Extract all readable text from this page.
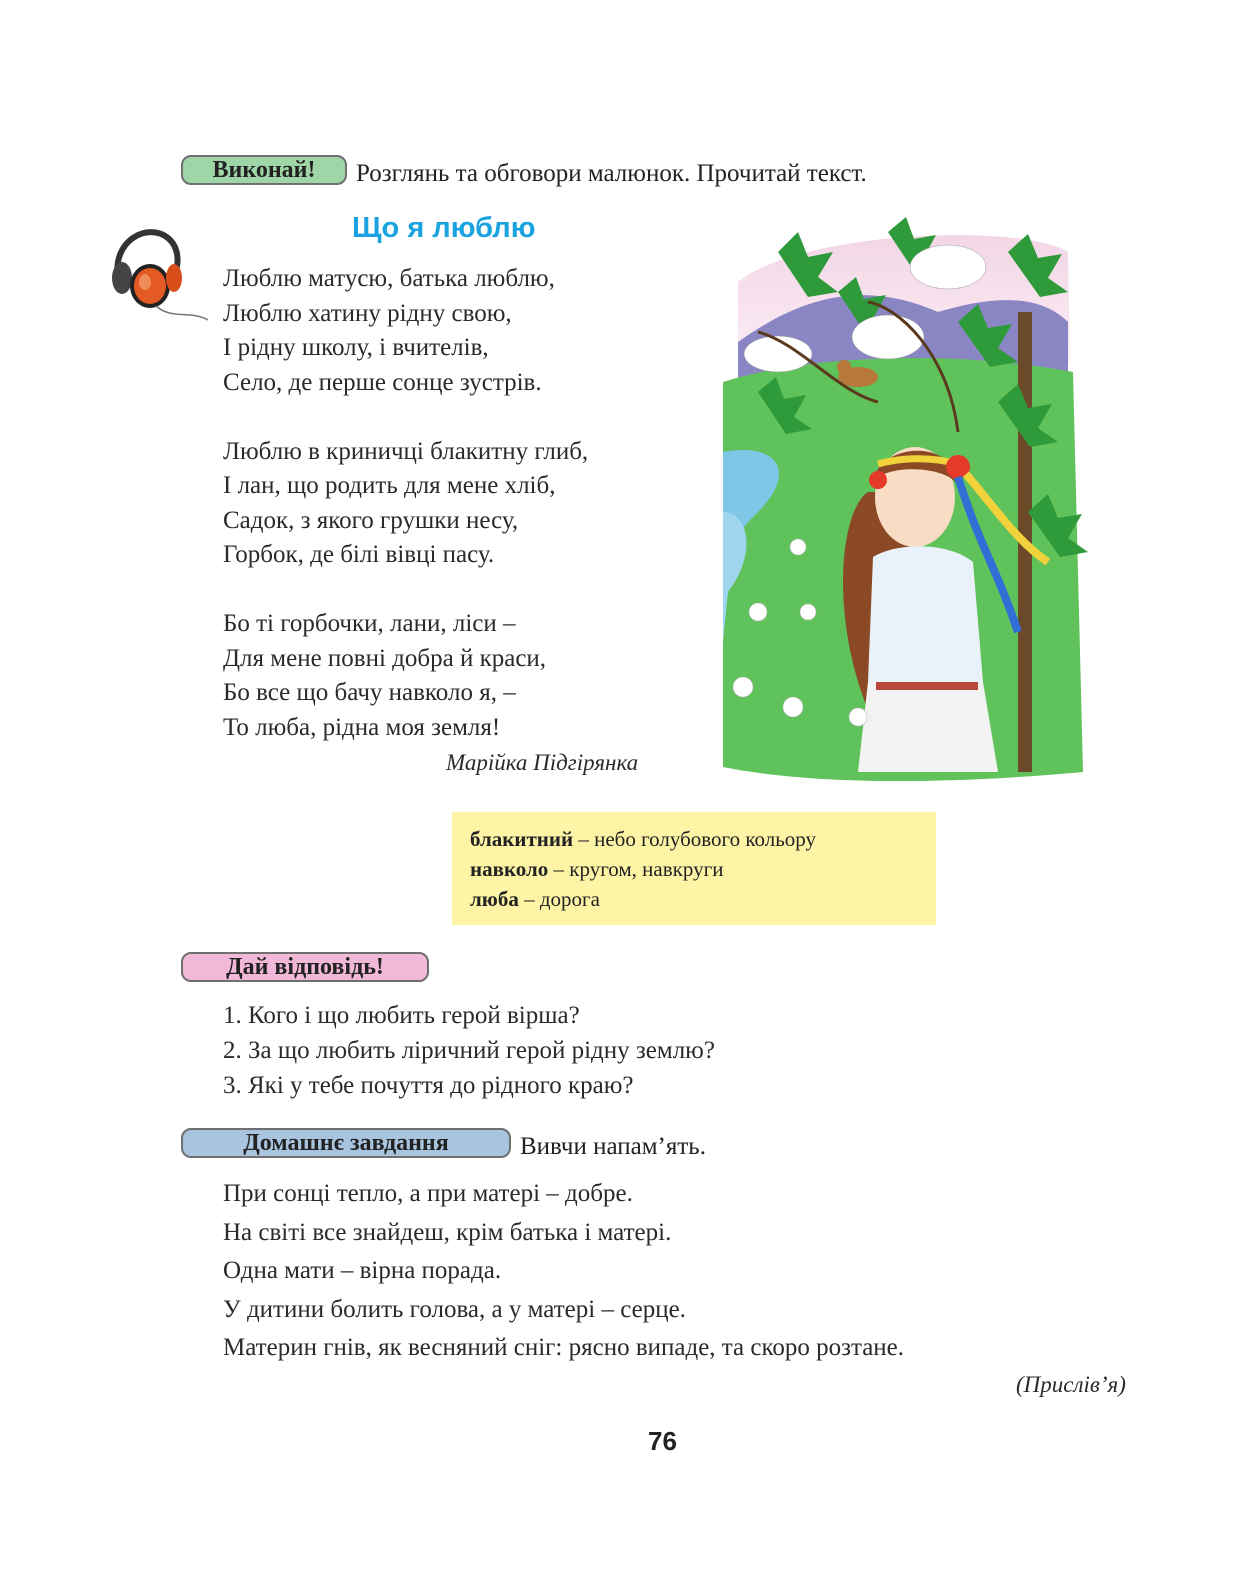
Виконай! Розглянь та обговори малюнок. Прочитай текст.
Що я люблю
Люблю матусю, батька люблю,
Люблю хатину рідну свою,
І рідну школу, і вчителів,
Село, де перше сонце зустрів.
Люблю в криничці блакитну глиб,
І лан, що родить для мене хліб,
Садок, з якого грушки несу,
Горбок, де білі вівці пасу.
Бо ті горбочки, лани, ліси –
Для мене повні добра й краси,
Бо все що бачу навколо я, –
То люба, рідна моя земля!
Марійка Підгірянка
блакитний – небо голубового кольору
навколо – кругом, навкруги
люба – дорога
Дай відповідь!
1. Кого і що любить герой вірша?
2. За що любить ліричний герой рідну землю?
3. Які у тебе почуття до рідного краю?
Домашнє завдання	Вивчи напам’ять.
При сонці тепло, а при матері – добре.
На світі все знайдеш, крім батька і матері.
Одна мати – вірна порада.
У дитини болить голова, а у матері – серце.
Материн гнів, як весняний сніг: рясно випаде, та скоро розтане.
(Прислів’я)
76
